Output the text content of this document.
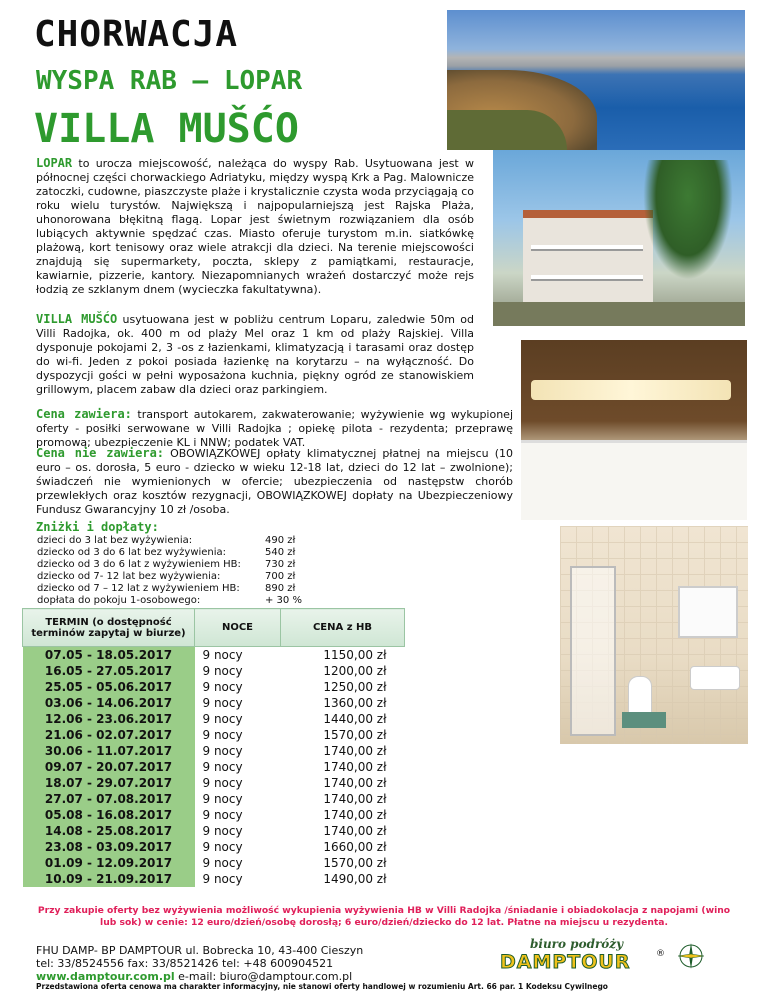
CHORWACJA
WYSPA RAB – LOPAR
VILLA MUŠĆO

LOPAR to urocza miejscowość, należąca do wyspy Rab. Usytuowana jest w północnej części chorwackiego Adriatyku, między wyspą Krk a Pag. Malownicze zatoczki, cudowne, piaszczyste plaże i krystalicznie czysta woda przyciągają co roku wielu turystów. Największą i najpopularniejszą jest Rajska Plaża, uhonorowana błękitną flagą. Lopar jest świetnym rozwiązaniem dla osób lubiących aktywnie spędzać czas. Miasto oferuje turystom m.in. siatkówkę plażową, kort tenisowy oraz wiele atrakcji dla dzieci. Na terenie miejscowości znajdują się supermarkety, poczta, sklepy z pamiątkami, restauracje, kawiarnie, pizzerie, kantory. Niezapomnianych wrażeń dostarczyć może rejs łodzią ze szklanym dnem (wycieczka fakultatywna).

VILLA MUŠĆO usytuowana jest w pobliżu centrum Loparu, zaledwie 50m od Villi Radojka, ok. 400 m od plaży Mel oraz 1 km od plaży Rajskiej. Villa dysponuje pokojami 2, 3 -os z łazienkami, klimatyzacją i tarasami oraz dostęp do wi-fi. Jeden z pokoi posiada łazienkę na korytarzu – na wyłączność. Do dyspozycji gości w pełni wyposażona kuchnia, piękny ogród ze stanowiskiem grillowym, placem zabaw dla dzieci oraz parkingiem.

Cena zawiera: transport autokarem, zakwaterowanie; wyżywienie wg wykupionej oferty - posiłki serwowane w Villi Radojka ; opiekę pilota - rezydenta; przeprawę promową; ubezpieczenie KL i NNW; podatek VAT.

Cena nie zawiera: OBOWIĄZKOWEJ opłaty klimatycznej płatnej na miejscu (10 euro – os. dorosła, 5 euro - dziecko w wieku 12-18 lat, dzieci do 12 lat – zwolnione); świadczeń nie wymienionych w ofercie; ubezpieczenia od następstw chorób przewlekłych oraz kosztów rezygnacji, OBOWIĄZKOWEJ dopłaty na Ubezpieczeniowy Fundusz Gwarancyjny 10 zł /osoba.

Zniżki i dopłaty:
dzieci do 3 lat bez wyżywienia:	490 zł
dziecko od 3 do 6 lat bez wyżywienia:	540 zł
dziecko od 3 do 6 lat z wyżywieniem HB:	730 zł
dziecko od 7- 12 lat bez wyżywienia:	700 zł
dziecko od 7 – 12 lat z wyżywieniem HB:	890 zł
dopłata do pokoju 1-osobowego:	+ 30 %
TERMIN (o dostępność terminów zapytaj w biurze)	NOCE	CENA z HB
07.05 - 18.05.2017	9 nocy	1150,00 zł
16.05 - 27.05.2017	9 nocy	1200,00 zł
25.05 - 05.06.2017	9 nocy	1250,00 zł
03.06 - 14.06.2017	9 nocy	1360,00 zł
12.06 - 23.06.2017	9 nocy	1440,00 zł
21.06 - 02.07.2017	9 nocy	1570,00 zł
30.06 - 11.07.2017	9 nocy	1740,00 zł
09.07 - 20.07.2017	9 nocy	1740,00 zł
18.07 - 29.07.2017	9 nocy	1740,00 zł
27.07 - 07.08.2017	9 nocy	1740,00 zł
05.08 - 16.08.2017	9 nocy	1740,00 zł
14.08 - 25.08.2017	9 nocy	1740,00 zł
23.08 - 03.09.2017	9 nocy	1660,00 zł
01.09 - 12.09.2017	9 nocy	1570,00 zł
10.09 - 21.09.2017	9 nocy	1490,00 zł
Przy zakupie oferty bez wyżywienia możliwość wykupienia wyżywienia HB w Villi Radojka /śniadanie i obiadokolacja z napojami (wino lub sok) w cenie: 12 euro/dzień/osobę dorosłą; 6 euro/dzień/dziecko do 12 lat. Płatne na miejscu u rezydenta.
FHU DAMP- BP DAMPTOUR ul. Bobrecka 10, 43-400 Cieszyn
tel: 33/8524556 fax: 33/8521426 tel: +48 600904521
www.damptour.com.pl e-mail: biuro@damptour.com.pl
Przedstawiona oferta cenowa ma charakter informacyjny, nie stanowi oferty handlowej w rozumieniu Art. 66 par. 1 Kodeksu Cywilnego
biuro podróży
DAMPTOUR	®
